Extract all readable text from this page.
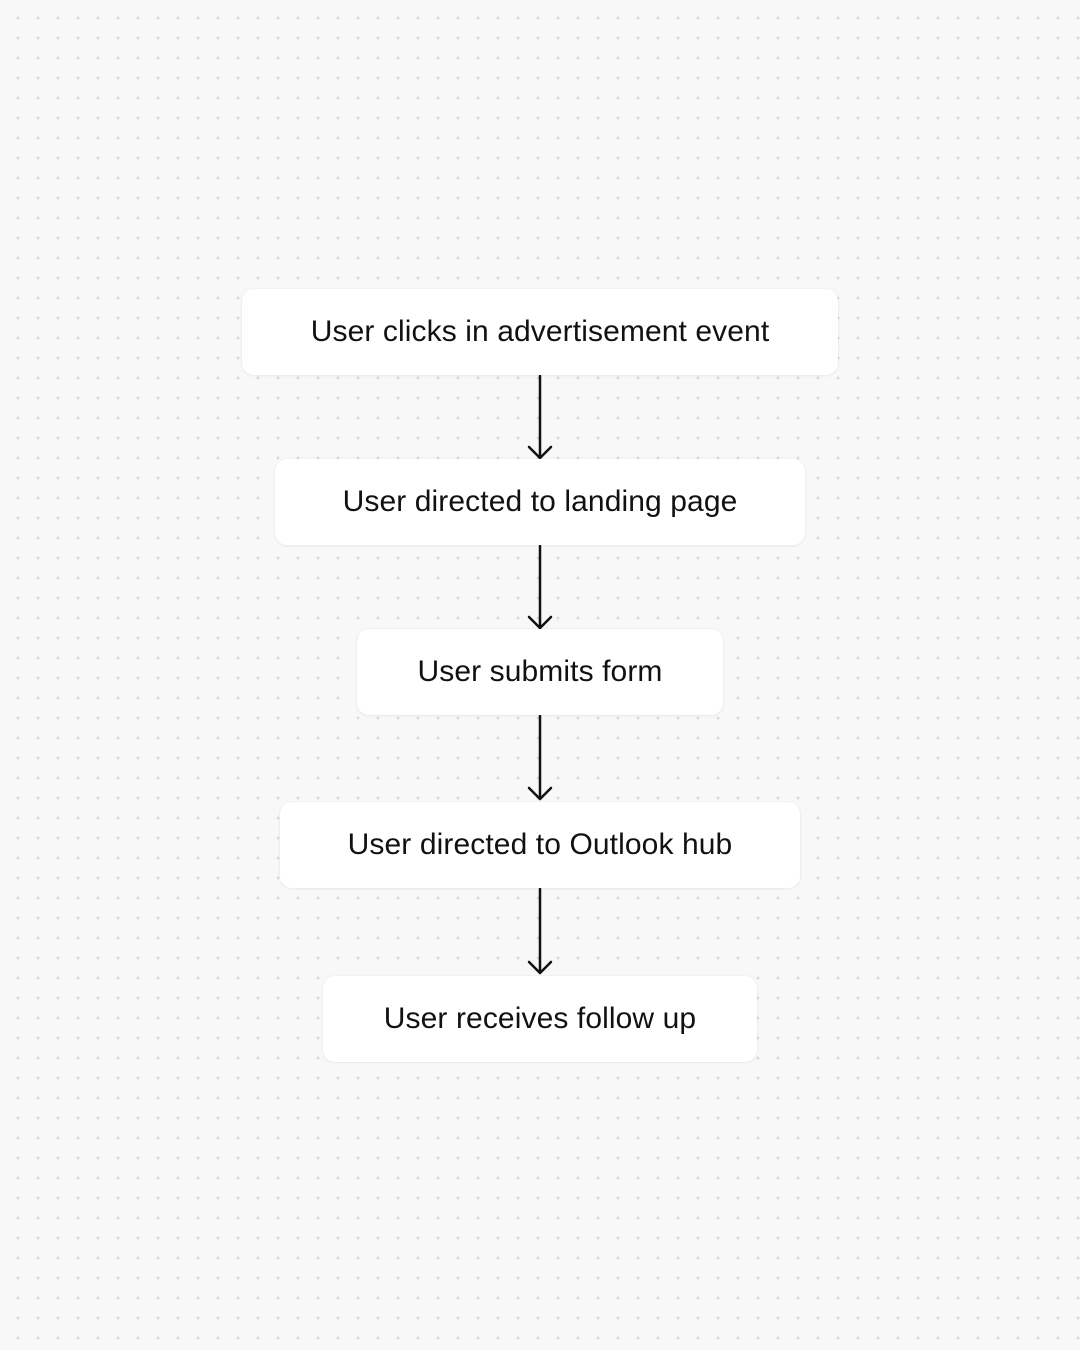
User clicks in advertisement event
User directed to landing page
User submits form
User directed to Outlook hub
User receives follow up
